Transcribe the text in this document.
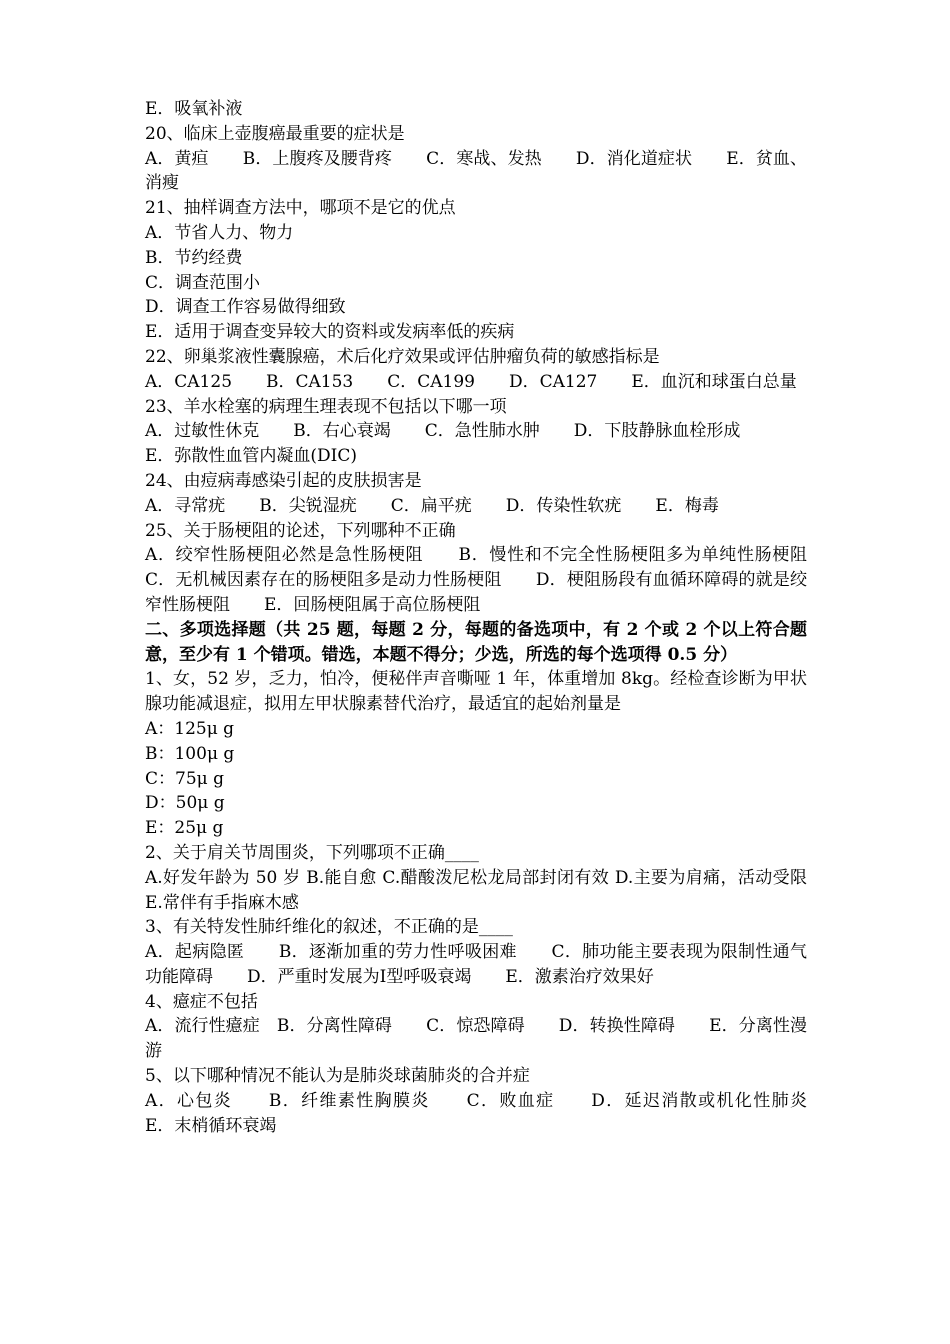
E．吸氧补液

20、临床上壶腹癌最重要的症状是

A．黄疸　　B．上腹疼及腰背疼　　C．寒战、发热　　D．消化道症状　　E．贫血、消瘦

21、抽样调查方法中，哪项不是它的优点

A．节省人力、物力

B．节约经费

C．调查范围小

D．调查工作容易做得细致

E．适用于调查变异较大的资料或发病率低的疾病

22、卵巢浆液性囊腺癌，术后化疗效果或评估肿瘤负荷的敏感指标是

A．CA125　　B．CA153　　C．CA199　　D．CA127　　E．血沉和球蛋白总量

23、羊水栓塞的病理生理表现不包括以下哪一项

A．过敏性休克　　B．右心衰竭　　C．急性肺水肿　　D．下肢静脉血栓形成

E．弥散性血管内凝血(DIC)

24、由痘病毒感染引起的皮肤损害是

A．寻常疣　　B．尖锐湿疣　　C．扁平疣　　D．传染性软疣　　E．梅毒

25、关于肠梗阻的论述，下列哪种不正确

A．绞窄性肠梗阻必然是急性肠梗阻　　B．慢性和不完全性肠梗阻多为单纯性肠梗阻　　C．无机械因素存在的肠梗阻多是动力性肠梗阻　　D．梗阻肠段有血循环障碍的就是绞窄性肠梗阻　　E．回肠梗阻属于高位肠梗阻

二、多项选择题（共 25 题，每题 2 分，每题的备选项中，有 2 个或 2 个以上符合题意，至少有 1 个错项。错选，本题不得分；少选，所选的每个选项得 0.5 分）

1、女，52 岁，乏力，怕冷，便秘伴声音嘶哑 1 年，体重增加 8kg。经检查诊断为甲状腺功能减退症，拟用左甲状腺素替代治疗，最适宜的起始剂量是

A：125μ g

B：100μ g

C：75μ g

D：50μ g

E：25μ g

2、关于肩关节周围炎，下列哪项不正确____

A.好发年龄为 50 岁 B.能自愈 C.醋酸泼尼松龙局部封闭有效 D.主要为肩痛，活动受限 E.常伴有手指麻木感

3、有关特发性肺纤维化的叙述，不正确的是____

A．起病隐匿　　B．逐渐加重的劳力性呼吸困难　　C．肺功能主要表现为限制性通气功能障碍　　D．严重时发展为Ⅰ型呼吸衰竭　　E．激素治疗效果好

4、癔症不包括

A．流行性癔症　B．分离性障碍　　C．惊恐障碍　　D．转换性障碍　　E．分离性漫游

5、以下哪种情况不能认为是肺炎球菌肺炎的合并症

A．心包炎　　B．纤维素性胸膜炎　　C．败血症　　D．延迟消散或机化性肺炎　　E．末梢循环衰竭
